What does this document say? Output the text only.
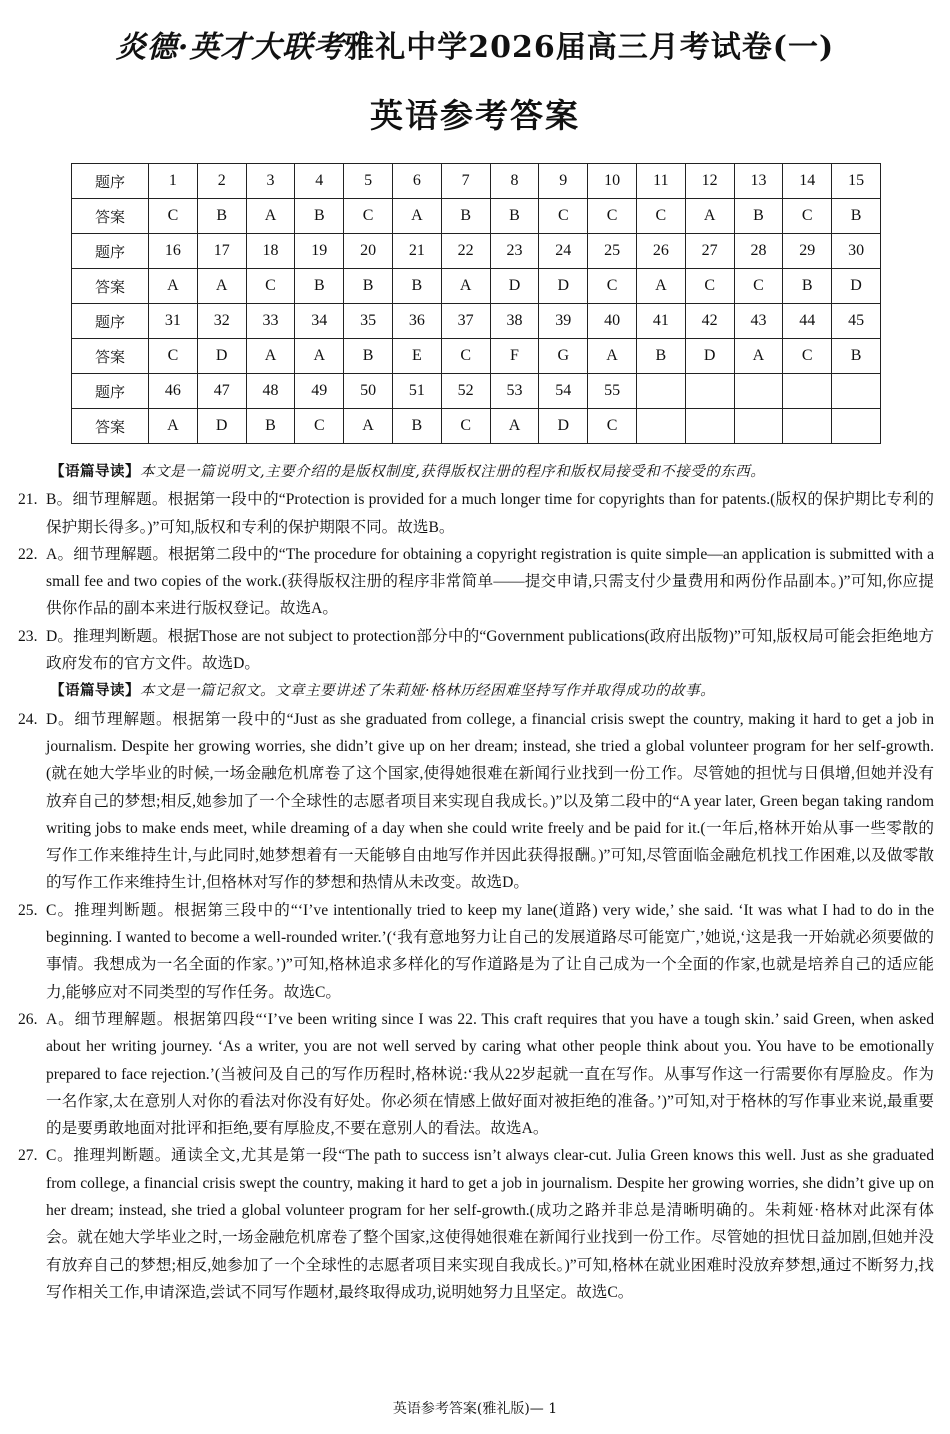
炎德·英才大联考雅礼中学2026届高三月考试卷(一)
英语参考答案
题序	1	2	3	4	5	6	7	8	9	10	11	12	13	14	15
答案	C	B	A	B	C	A	B	B	C	C	C	A	B	C	B
题序	16	17	18	19	20	21	22	23	24	25	26	27	28	29	30
答案	A	A	C	B	B	B	A	D	D	C	A	C	C	B	D
题序	31	32	33	34	35	36	37	38	39	40	41	42	43	44	45
答案	C	D	A	A	B	E	C	F	G	A	B	D	A	C	B
题序	46	47	48	49	50	51	52	53	54	55					
答案	A	D	B	C	A	B	C	A	D	C					
【语篇导读】本文是一篇说明文,主要介绍的是版权制度,获得版权注册的程序和版权局接受和不接受的东西。
21. B。细节理解题。根据第一段中的“Protection is provided for a much longer time for copyrights than for patents.(版权的保护期比专利的保护期长得多。)”可知,版权和专利的保护期限不同。故选B。
22. A。细节理解题。根据第二段中的“The procedure for obtaining a copyright registration is quite simple—an application is submitted with a small fee and two copies of the work.(获得版权注册的程序非常简单——提交申请,只需支付少量费用和两份作品副本。)”可知,你应提供你作品的副本来进行版权登记。故选A。
23. D。推理判断题。根据Those are not subject to protection部分中的“Government publications(政府出版物)”可知,版权局可能会拒绝地方政府发布的官方文件。故选D。
【语篇导读】本文是一篇记叙文。文章主要讲述了朱莉娅·格林历经困难坚持写作并取得成功的故事。
24. D。细节理解题。根据第一段中的“Just as she graduated from college, a financial crisis swept the country, making it hard to get a job in journalism. Despite her growing worries, she didn’t give up on her dream; instead, she tried a global volunteer program for her self-growth.(就在她大学毕业的时候,一场金融危机席卷了这个国家,使得她很难在新闻行业找到一份工作。尽管她的担忧与日俱增,但她并没有放弃自己的梦想;相反,她参加了一个全球性的志愿者项目来实现自我成长。)”以及第二段中的“A year later, Green began taking random writing jobs to make ends meet, while dreaming of a day when she could write freely and be paid for it.(一年后,格林开始从事一些零散的写作工作来维持生计,与此同时,她梦想着有一天能够自由地写作并因此获得报酬。)”可知,尽管面临金融危机找工作困难,以及做零散的写作工作来维持生计,但格林对写作的梦想和热情从未改变。故选D。
25. C。推理判断题。根据第三段中的“‘I’ve intentionally tried to keep my lane(道路) very wide,’ she said. ‘It was what I had to do in the beginning. I wanted to become a well-rounded writer.’(‘我有意地努力让自己的发展道路尽可能宽广,’她说,‘这是我一开始就必须要做的事情。我想成为一名全面的作家。’)”可知,格林追求多样化的写作道路是为了让自己成为一个全面的作家,也就是培养自己的适应能力,能够应对不同类型的写作任务。故选C。
26. A。细节理解题。根据第四段“‘I’ve been writing since I was 22. This craft requires that you have a tough skin.’ said Green, when asked about her writing journey. ‘As a writer, you are not well served by caring what other people think about you. You have to be emotionally prepared to face rejection.’(当被问及自己的写作历程时,格林说:‘我从22岁起就一直在写作。从事写作这一行需要你有厚脸皮。作为一名作家,太在意别人对你的看法对你没有好处。你必须在情感上做好面对被拒绝的准备。’)”可知,对于格林的写作事业来说,最重要的是要勇敢地面对批评和拒绝,要有厚脸皮,不要在意别人的看法。故选A。
27. C。推理判断题。通读全文,尤其是第一段“The path to success isn’t always clear-cut. Julia Green knows this well. Just as she graduated from college, a financial crisis swept the country, making it hard to get a job in journalism. Despite her growing worries, she didn’t give up on her dream; instead, she tried a global volunteer program for her self-growth.(成功之路并非总是清晰明确的。朱莉娅·格林对此深有体会。就在她大学毕业之时,一场金融危机席卷了整个国家,这使得她很难在新闻行业找到一份工作。尽管她的担忧日益加剧,但她并没有放弃自己的梦想;相反,她参加了一个全球性的志愿者项目来实现自我成长。)”可知,格林在就业困难时没放弃梦想,通过不断努力,找写作相关工作,申请深造,尝试不同写作题材,最终取得成功,说明她努力且坚定。故选C。
英语参考答案(雅礼版)— 1
